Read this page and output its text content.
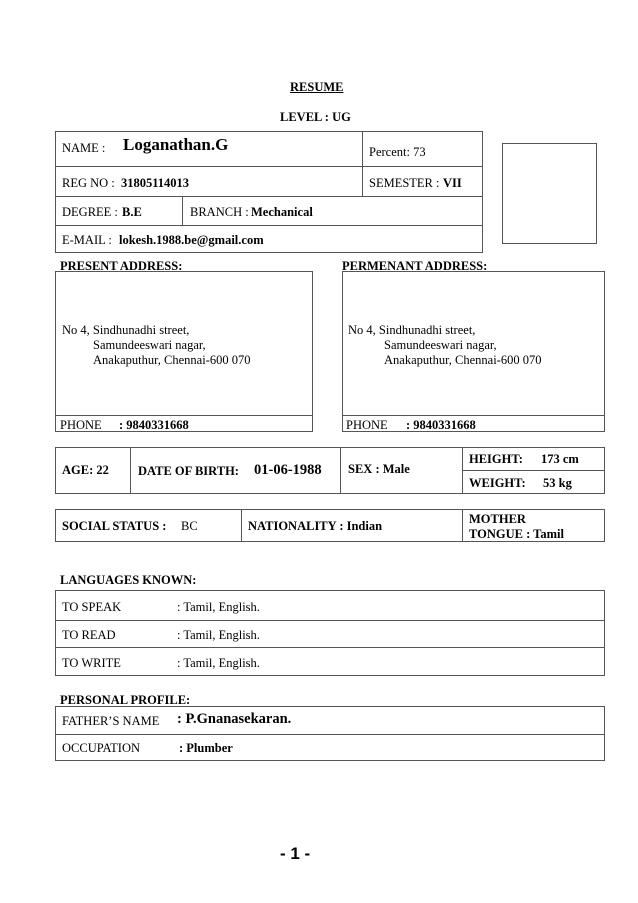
RESUME
LEVEL : UG
NAME : Loganathan.G	Percent: 73
REG NO : 31805114013	SEMESTER : VII
DEGREE : B.E	BRANCH : Mechanical
E-MAIL : lokesh.1988.be@gmail.com
PRESENT ADDRESS:	PERMENANT ADDRESS:
No 4, Sindhunadhi street,
Samundeeswari nagar,
Anakaputhur, Chennai-600 070
PHONE : 9840331668
No 4, Sindhunadhi street,
Samundeeswari nagar,
Anakaputhur, Chennai-600 070
PHONE : 9840331668
AGE: 22 DATE OF BIRTH: 01-06-1988 SEX : Male
HEIGHT: 173 cm
WEIGHT: 53 kg
SOCIAL STATUS : BC	NATIONALITY : Indian	MOTHER
TONGUE : Tamil
LANGUAGES KNOWN:
TO SPEAK	: Tamil, English.
TO READ	: Tamil, English.
TO WRITE	: Tamil, English.
PERSONAL PROFILE:
FATHER’S NAME : P.Gnanasekaran.
OCCUPATION	: Plumber
- 1 -
